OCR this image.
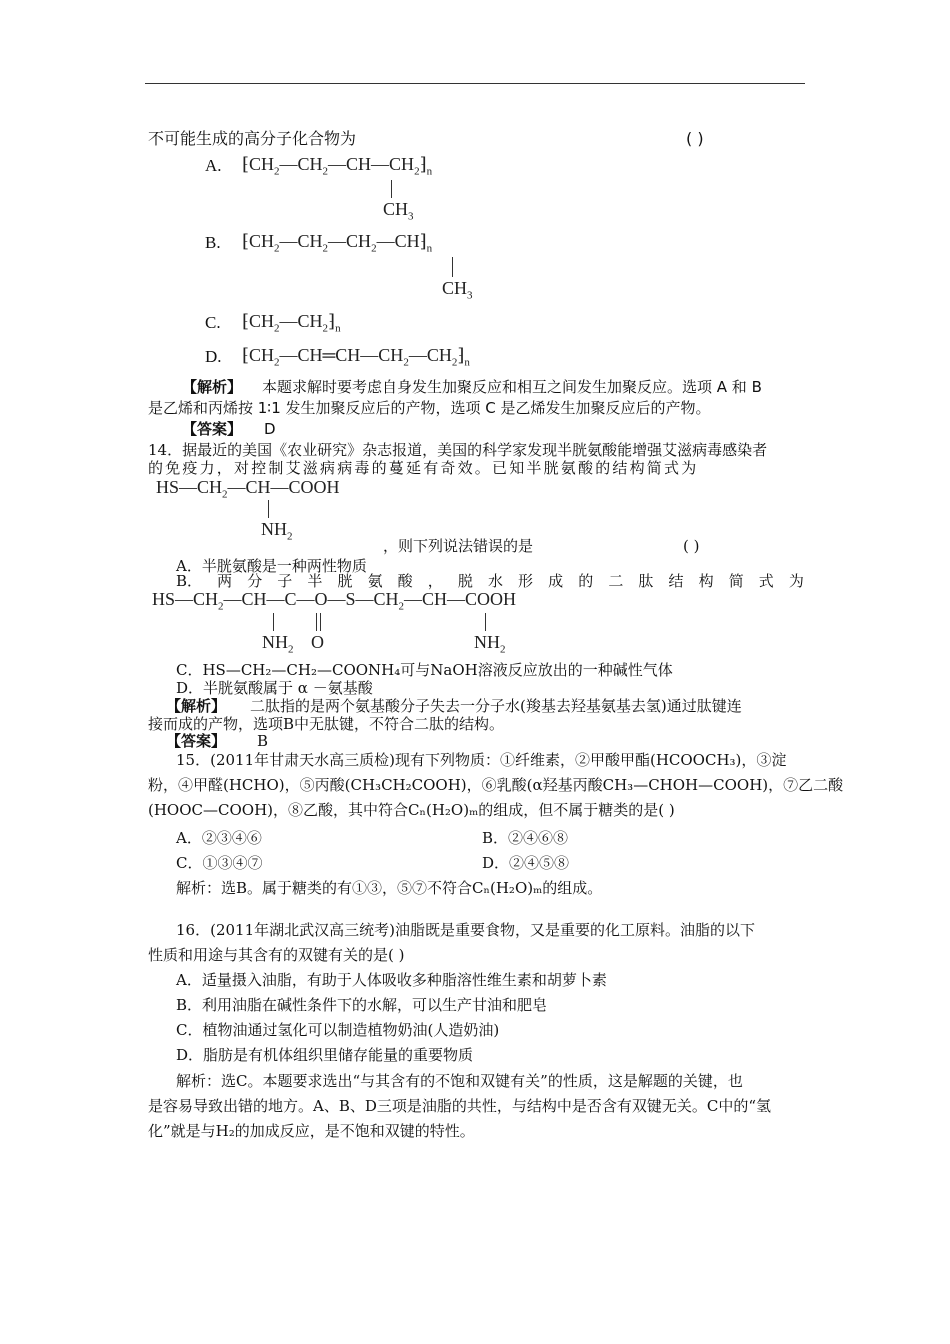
不可能生成的高分子化合物为	( )
A. $⁅CH_2—CH_2—CH—CH_2⁆_n$
$CH_3$
B. $⁅CH_2—CH_2—CH_2—CH⁆_n$
$CH_3$
C. $⁅CH_2—CH_2⁆_n$
D. $⁅CH_2—CH═CH—CH_2—CH_2⁆_n$
【解析】 本题求解时要考虑自身发生加聚反应和相互之间发生加聚反应。选项 A 和 B
是乙烯和丙烯按 1∶1 发生加聚反应后的产物，选项 C 是乙烯发生加聚反应后的产物。
【答案】 D
14．据最近的美国《农业研究》杂志报道，美国的科学家发现半胱氨酸能增强艾滋病毒感染者
的免疫力，对控制艾滋病病毒的蔓延有奇效。已知半胱氨酸的结构简式为
$HS—CH_2—CH—COOH$
$NH_2$
，则下列说法错误的是	( )
A．半胱氨酸是一种两性物质
B． 两 分 子 半 胱 氨 酸 ， 脱 水 形 成 的 二 肽 结 构 简 式 为
$HS—CH_2—CH—C—O—S—CH_2—CH—COOH$
$NH_2$ O	$NH_2$
C．HS—CH₂—CH₂—COONH₄可与NaOH溶液反应放出的一种碱性气体
D．半胱氨酸属于 α －氨基酸
【解析】 二肽指的是两个氨基酸分子失去一分子水(羧基去羟基氨基去氢)通过肽键连
接而成的产物，选项B中无肽键，不符合二肽的结构。
【答案】 B
15．(2011年甘肃天水高三质检)现有下列物质：①纤维素，②甲酸甲酯(HCOOCH₃)，③淀
粉，④甲醛(HCHO)，⑤丙酸(CH₃CH₂COOH)，⑥乳酸(α羟基丙酸CH₃—CHOH—COOH)，⑦乙二酸
(HOOC—COOH)，⑧乙酸，其中符合Cₙ(H₂O)ₘ的组成，但不属于糖类的是( )
A．②③④⑥	B．②④⑥⑧
C．①③④⑦	D．②④⑤⑧
解析：选B。属于糖类的有①③，⑤⑦不符合Cₙ(H₂O)ₘ的组成。
16．(2011年湖北武汉高三统考)油脂既是重要食物，又是重要的化工原料。油脂的以下
性质和用途与其含有的双键有关的是( )
A．适量摄入油脂，有助于人体吸收多种脂溶性维生素和胡萝卜素
B．利用油脂在碱性条件下的水解，可以生产甘油和肥皂
C．植物油通过氢化可以制造植物奶油(人造奶油)
D．脂肪是有机体组织里储存能量的重要物质
解析：选C。本题要求选出“与其含有的不饱和双键有关”的性质，这是解题的关键，也
是容易导致出错的地方。A、B、D三项是油脂的共性，与结构中是否含有双键无关。C中的“氢
化”就是与H₂的加成反应，是不饱和双键的特性。
